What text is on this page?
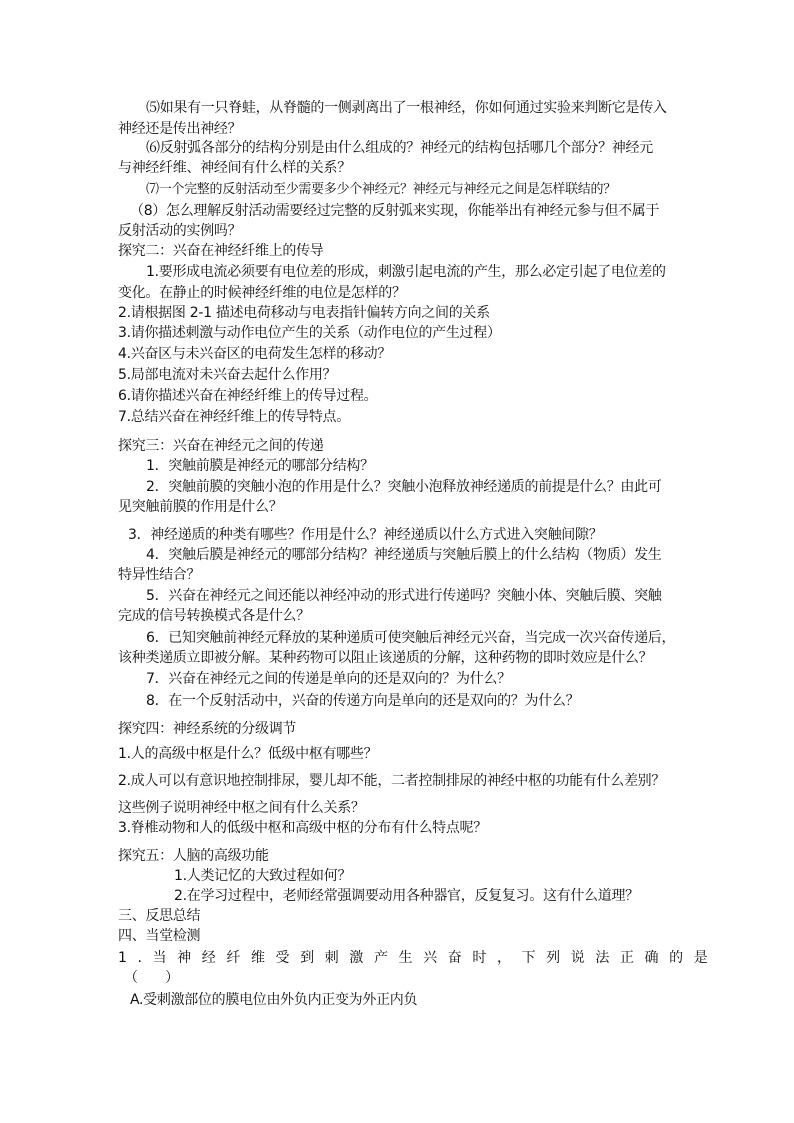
⑸如果有一只脊蛙，从脊髓的一侧剥离出了一根神经，你如何通过实验来判断它是传入
神经还是传出神经？
⑹反射弧各部分的结构分别是由什么组成的？神经元的结构包括哪几个部分？神经元
与神经纤维、神经间有什么样的关系？
⑺一个完整的反射活动至少需要多少个神经元？神经元与神经元之间是怎样联结的？
（8）怎么理解反射活动需要经过完整的反射弧来实现，你能举出有神经元参与但不属于
反射活动的实例吗？
探究二：兴奋在神经纤维上的传导
1.要形成电流必须要有电位差的形成，刺激引起电流的产生，那么必定引起了电位差的
变化。在静止的时候神经纤维的电位是怎样的？
2.请根据图 2-1 描述电荷移动与电表指针偏转方向之间的关系
3.请你描述刺激与动作电位产生的关系（动作电位的产生过程）
4.兴奋区与未兴奋区的电荷发生怎样的移动？
5.局部电流对未兴奋去起什么作用？
6.请你描述兴奋在神经纤维上的传导过程。
7.总结兴奋在神经纤维上的传导特点。
探究三：兴奋在神经元之间的传递
1．突触前膜是神经元的哪部分结构？
2．突触前膜的突触小泡的作用是什么？突触小泡释放神经递质的前提是什么？由此可
见突触前膜的作用是什么？
3．神经递质的种类有哪些？作用是什么？神经递质以什么方式进入突触间隙？
4．突触后膜是神经元的哪部分结构？神经递质与突触后膜上的什么结构（物质）发生
特异性结合？
5．兴奋在神经元之间还能以神经冲动的形式进行传递吗？突触小体、突触后膜、突触
完成的信号转换模式各是什么？
6．已知突触前神经元释放的某种递质可使突触后神经元兴奋，当完成一次兴奋传递后，
该种类递质立即被分解。某种药物可以阻止该递质的分解，这种药物的即时效应是什么？
7．兴奋在神经元之间的传递是单向的还是双向的？为什么？
8．在一个反射活动中，兴奋的传递方向是单向的还是双向的？为什么？
探究四：神经系统的分级调节
1.人的高级中枢是什么？低级中枢有哪些？
2.成人可以有意识地控制排尿，婴儿却不能，二者控制排尿的神经中枢的功能有什么差别？
这些例子说明神经中枢之间有什么关系？
3.脊椎动物和人的低级中枢和高级中枢的分布有什么特点呢？
探究五：人脑的高级功能
1.人类记忆的大致过程如何？
2.在学习过程中，老师经常强调要动用各种器官，反复复习。这有什么道理？
三、反思总结
四、当堂检测
1.当神经纤维受到刺激产生兴奋时，下列说法正确的是
（　　）
A.受刺激部位的膜电位由外负内正变为外正内负
